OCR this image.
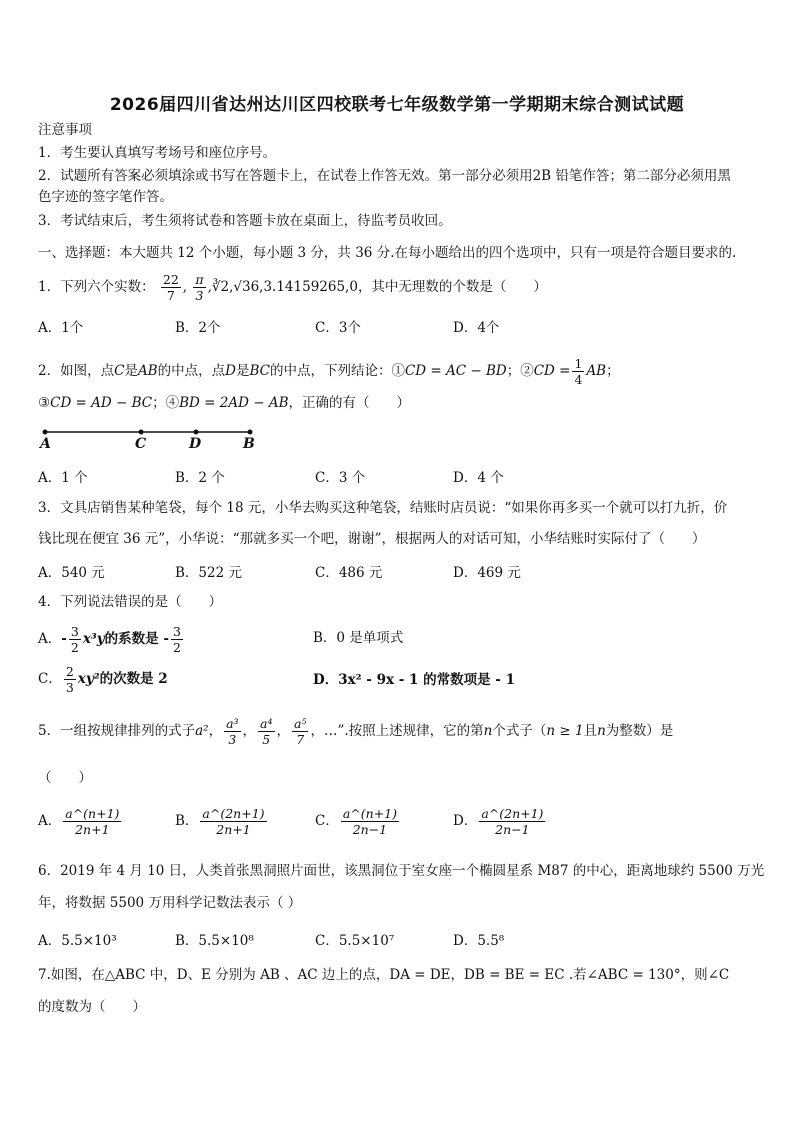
2026届四川省达州达川区四校联考七年级数学第一学期期末综合测试试题
注意事项
1．考生要认真填写考场号和座位序号。
2．试题所有答案必须填涂或书写在答题卡上，在试卷上作答无效。第一部分必须用2B 铅笔作答；第二部分必须用黑
色字迹的签字笔作答。
3．考试结束后，考生须将试卷和答题卡放在桌面上，待监考员收回。
一、选择题：本大题共 12 个小题，每小题 3 分，共 36 分.在每小题给出的四个选项中，只有一项是符合题目要求的.
1．下列六个实数： $\frac{22}{7}$ , $\frac{\pi}{3}$ ,∛2,√36,3.14159265,0，其中无理数的个数是（　　）
A．1个	B．2个	C．3个	D．4个
2．如图，点C是AB的中点，点D是BC的中点，下列结论：①CD = AC − BD；②CD = $\frac{1}{4}$ AB；
③CD = AD − BC；④BD = 2AD − AB，正确的有（　　）
A	C	D	B
A．1 个	B．2 个	C．3 个	D．4 个
3．文具店销售某种笔袋，每个 18 元，小华去购买这种笔袋，结账时店员说：“如果你再多买一个就可以打九折，价
钱比现在便宜 36 元”，小华说：“那就多买一个吧，谢谢”，根据两人的对话可知，小华结账时实际付了（　　）
A．540 元	B．522 元	C．486 元	D．469 元
4．下列说法错误的是（　　）
A．- $\frac{3}{2} x^3y$的系数是 - $\frac{3}{2}$	B．0 是单项式
C． $\frac{2}{3} xy^2$的次数是 2	D．3x² - 9x - 1 的常数项是 - 1
5．一组按规律排列的式子a²， $\frac{\text{a³}}{3}$ ， $\frac{\text{a⁴}}{5}$ ， $\frac{\text{a⁵}}{7}$ ，…”.按照上述规律，它的第n个式子（n ≥ 1且n为整数）是
（　　）
A． $\frac{a\^{}(n+1)}{2n+1}$	B． $\frac{a\^{}(2n+1)}{2n+1}$	C． $\frac{a\^{}(n+1)}{2n-1}$	D． $\frac{a\^{}(2n+1)}{2n-1}$
6．2019 年 4 月 10 日，人类首张黑洞照片面世，该黑洞位于室女座一个椭圆星系 M87 的中心，距离地球约 5500 万光
年，将数据 5500 万用科学记数法表示（ ）
A．5.5×10³	B．5.5×10⁸	C．5.5×10⁷	D．5.5⁸
7.如图，在△ABC 中，D、E 分别为 AB 、AC 边上的点，DA = DE，DB = BE = EC .若∠ABC = 130°，则∠C
的度数为（　　）
